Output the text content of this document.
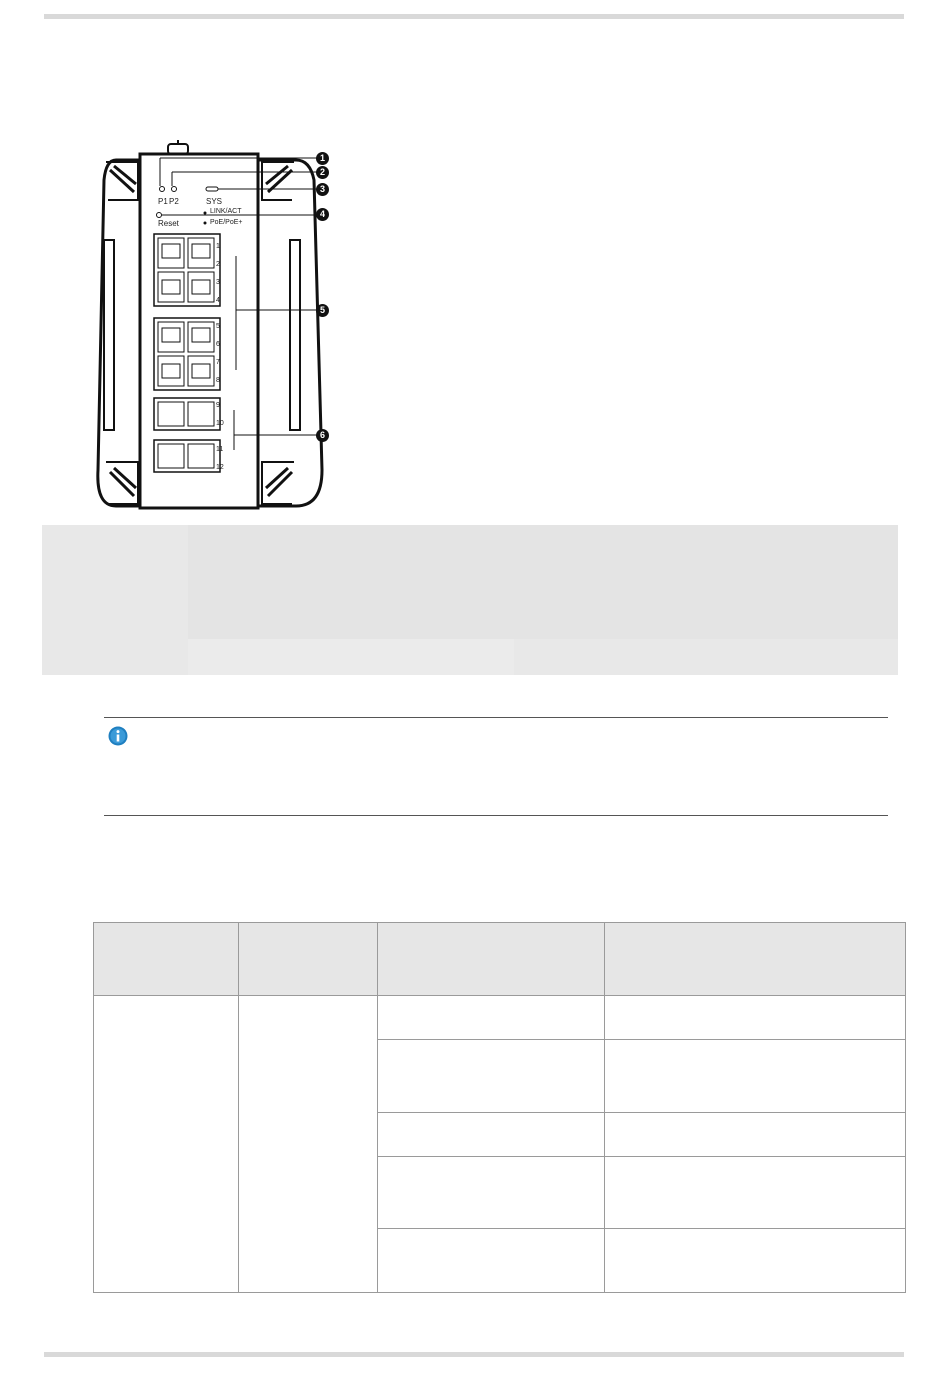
P1 P2	SYS
Reset
LINK/ACT
PoE/PoE+
1
2
3
4
5
6
7
8
9
10
11
12
1
2
3
4
5
6
